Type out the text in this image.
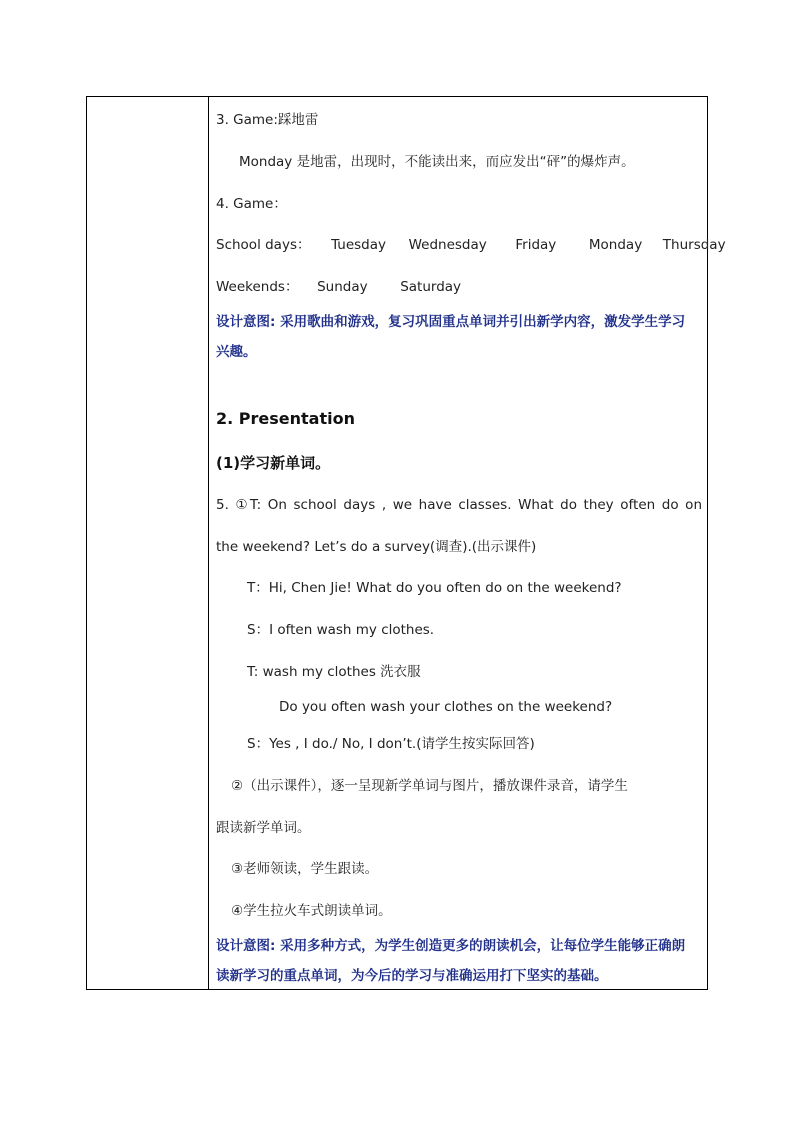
3. Game:踩地雷
Monday 是地雷，出现时，不能读出来，而应发出“砰”的爆炸声。
4. Game：
School days： Tuesday Wednesday Friday Monday Thursday
Weekends： Sunday Saturday
设计意图: 采用歌曲和游戏，复习巩固重点单词并引出新学内容，激发学生学习
兴趣。
2. Presentation
(1)学习新单词。
5. ①T: On school days , we have classes. What do they often do on
the weekend? Let’s do a survey(调查).(出示课件)
T：Hi, Chen Jie! What do you often do on the weekend?
S：I often wash my clothes.
T: wash my clothes 洗衣服
Do you often wash your clothes on the weekend?
S：Yes , I do./ No, I don’t.(请学生按实际回答)
②（出示课件），逐一呈现新学单词与图片，播放课件录音，请学生
跟读新学单词。
③老师领读，学生跟读。
④学生拉火车式朗读单词。
设计意图: 采用多种方式，为学生创造更多的朗读机会，让每位学生能够正确朗
读新学习的重点单词，为今后的学习与准确运用打下坚实的基础。
